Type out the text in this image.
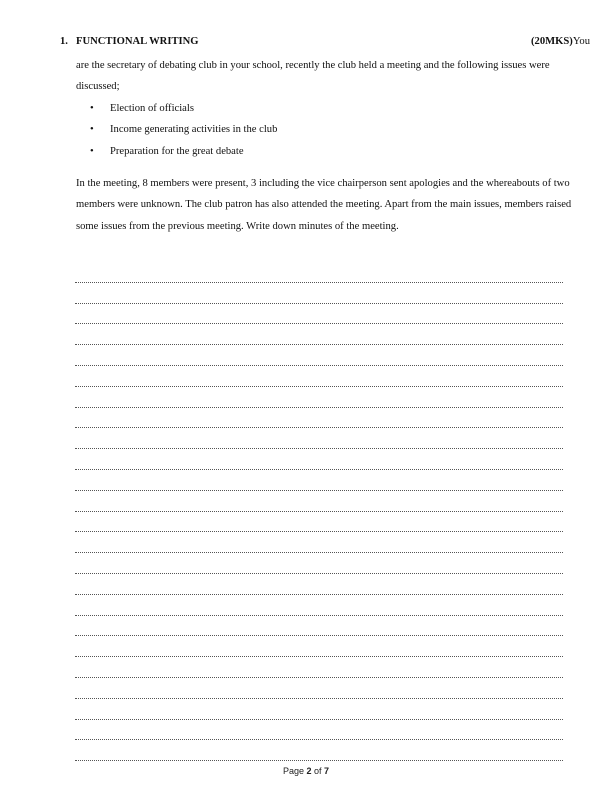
1. FUNCTIONAL WRITING	(20MKS)You
are the secretary of debating club in your school, recently the club held a meeting and the following issues were discussed;
• Election of officials
• Income generating activities in the club
• Preparation for the great debate
In the meeting, 8 members were present, 3 including the vice chairperson sent apologies and the whereabouts of two members were unknown. The club patron has also attended the meeting. Apart from the main issues, members raised some issues from the previous meeting. Write down minutes of the meeting.
Page 2 of 7
